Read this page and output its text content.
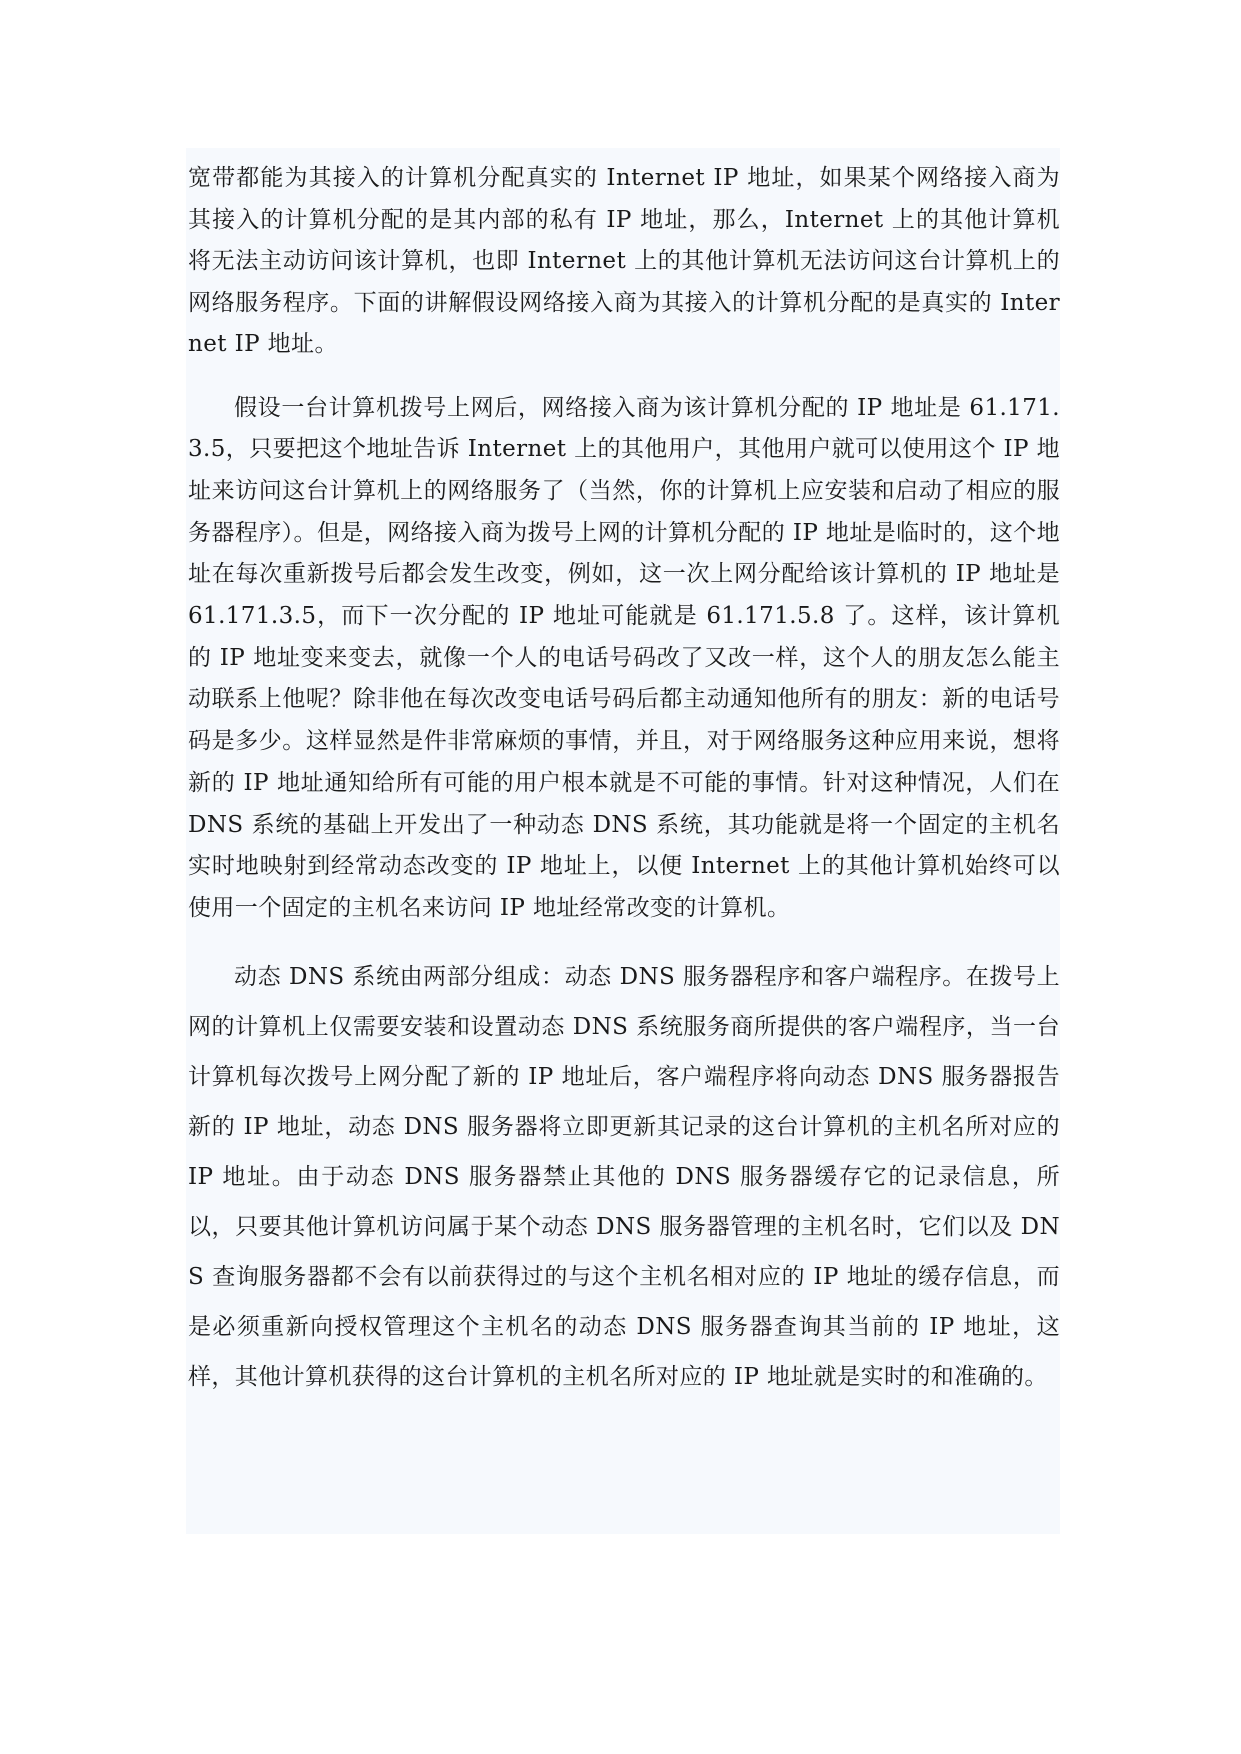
宽带都能为其接入的计算机分配真实的 Internet IP 地址，如果某个网络接入商为其接入的计算机分配的是其内部的私有 IP 地址，那么，Internet 上的其他计算机将无法主动访问该计算机，也即 Internet 上的其他计算机无法访问这台计算机上的网络服务程序。下面的讲解假设网络接入商为其接入的计算机分配的是真实的 Internet IP 地址。

假设一台计算机拨号上网后，网络接入商为该计算机分配的 IP 地址是 61.171.3.5，只要把这个地址告诉 Internet 上的其他用户，其他用户就可以使用这个 IP 地址来访问这台计算机上的网络服务了（当然，你的计算机上应安装和启动了相应的服务器程序）。但是，网络接入商为拨号上网的计算机分配的 IP 地址是临时的，这个地址在每次重新拨号后都会发生改变，例如，这一次上网分配给该计算机的 IP 地址是 61.171.3.5，而下一次分配的 IP 地址可能就是 61.171.5.8 了。这样，该计算机的 IP 地址变来变去，就像一个人的电话号码改了又改一样，这个人的朋友怎么能主动联系上他呢？除非他在每次改变电话号码后都主动通知他所有的朋友：新的电话号码是多少。这样显然是件非常麻烦的事情，并且，对于网络服务这种应用来说，想将新的 IP 地址通知给所有可能的用户根本就是不可能的事情。针对这种情况，人们在 DNS 系统的基础上开发出了一种动态 DNS 系统，其功能就是将一个固定的主机名实时地映射到经常动态改变的 IP 地址上，以便 Internet 上的其他计算机始终可以使用一个固定的主机名来访问 IP 地址经常改变的计算机。

动态 DNS 系统由两部分组成：动态 DNS 服务器程序和客户端程序。在拨号上网的计算机上仅需要安装和设置动态 DNS 系统服务商所提供的客户端程序，当一台计算机每次拨号上网分配了新的 IP 地址后，客户端程序将向动态 DNS 服务器报告新的 IP 地址，动态 DNS 服务器将立即更新其记录的这台计算机的主机名所对应的 IP 地址。由于动态 DNS 服务器禁止其他的 DNS 服务器缓存它的记录信息，所以，只要其他计算机访问属于某个动态 DNS 服务器管理的主机名时，它们以及 DNS 查询服务器都不会有以前获得过的与这个主机名相对应的 IP 地址的缓存信息，而是必须重新向授权管理这个主机名的动态 DNS 服务器查询其当前的 IP 地址，这样，其他计算机获得的这台计算机的主机名所对应的 IP 地址就是实时的和准确的。
